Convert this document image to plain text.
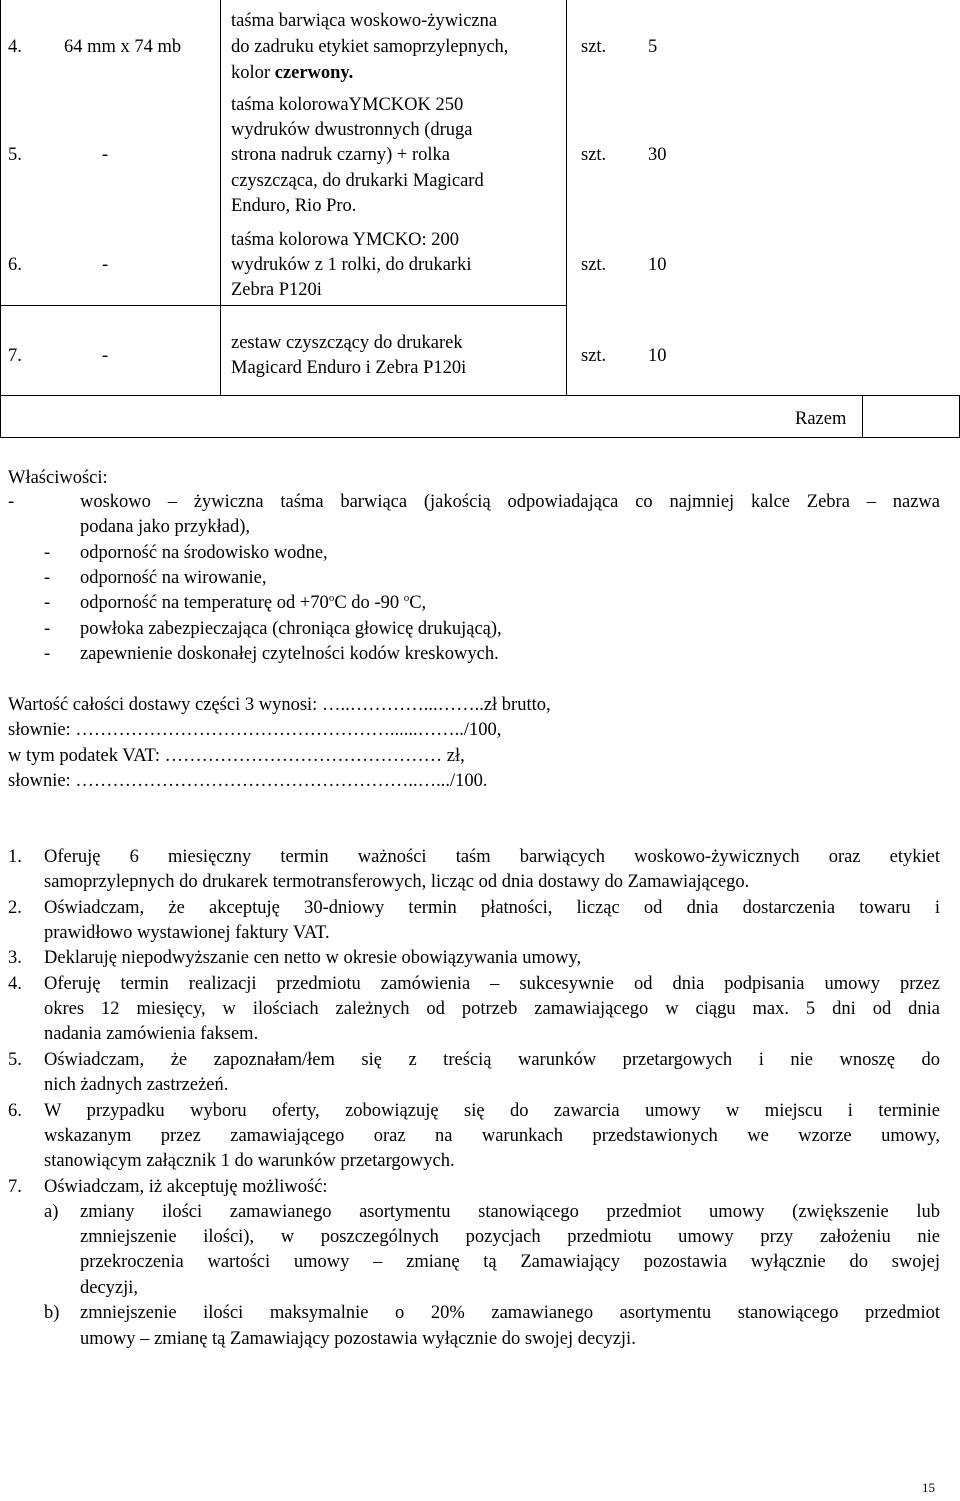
4. 64 mm x 74 mb
taśma barwiąca woskowo-żywiczna
do zadruku etykiet samoprzylepnych,
kolor czerwony.
szt. 5
5.	-
taśma kolorowaYMCKOK 250
wydruków dwustronnych (druga
strona nadruk czarny) + rolka
czyszcząca, do drukarki Magicard
Enduro, Rio Pro.
szt. 30
6.	-
taśma kolorowa YMCKO: 200
wydruków z 1 rolki, do drukarki
Zebra P120i
szt. 10
7.	-
zestaw czyszczący do drukarek
Magicard Enduro i Zebra P120i
szt. 10
Razem
Właściwości:
-	woskowo – żywiczna taśma barwiąca (jakością odpowiadająca co najmniej kalce Zebra – nazwa
podana jako przykład),
- odporność na środowisko wodne,
- odporność na wirowanie,
- odporność na temperaturę od $+70^oC$ do -90 $^o$C,
- powłoka zabezpieczająca (chroniąca głowicę drukującą),
- zapewnienie doskonałej czytelności kodów kreskowych.
Wartość całości dostawy części 3 wynosi: …..…………...……..zł brutto,
słownie: ……………………………………………......……../100,
w tym podatek VAT: ……………………………………… zł,
słownie: ………………………………………………..….../100.
1. Oferuję 6 miesięczny termin ważności taśm barwiących woskowo-żywicznych oraz etykiet
samoprzylepnych do drukarek termotransferowych, licząc od dnia dostawy do Zamawiającego.
2. Oświadczam, że akceptuję 30-dniowy termin płatności, licząc od dnia dostarczenia towaru i
prawidłowo wystawionej faktury VAT.
3. Deklaruję niepodwyższanie cen netto w okresie obowiązywania umowy,
4. Oferuję termin realizacji przedmiotu zamówienia – sukcesywnie od dnia podpisania umowy przez
okres 12 miesięcy, w ilościach zależnych od potrzeb zamawiającego w ciągu max. 5 dni od dnia
nadania zamówienia faksem.
5. Oświadczam, że zapoznałam/łem się z treścią warunków przetargowych i nie wnoszę do
nich żadnych zastrzeżeń.
6. W przypadku wyboru oferty, zobowiązuję się do zawarcia umowy w miejscu i terminie
wskazanym przez zamawiającego oraz na warunkach przedstawionych we wzorze umowy,
stanowiącym załącznik 1 do warunków przetargowych.
7. Oświadczam, iż akceptuję możliwość:
a) zmiany ilości zamawianego asortymentu stanowiącego przedmiot umowy (zwiększenie lub
zmniejszenie ilości), w poszczególnych pozycjach przedmiotu umowy przy założeniu nie
przekroczenia wartości umowy – zmianę tą Zamawiający pozostawia wyłącznie do swojej
decyzji,
b) zmniejszenie ilości maksymalnie o 20% zamawianego asortymentu stanowiącego przedmiot
umowy – zmianę tą Zamawiający pozostawia wyłącznie do swojej decyzji.
15
